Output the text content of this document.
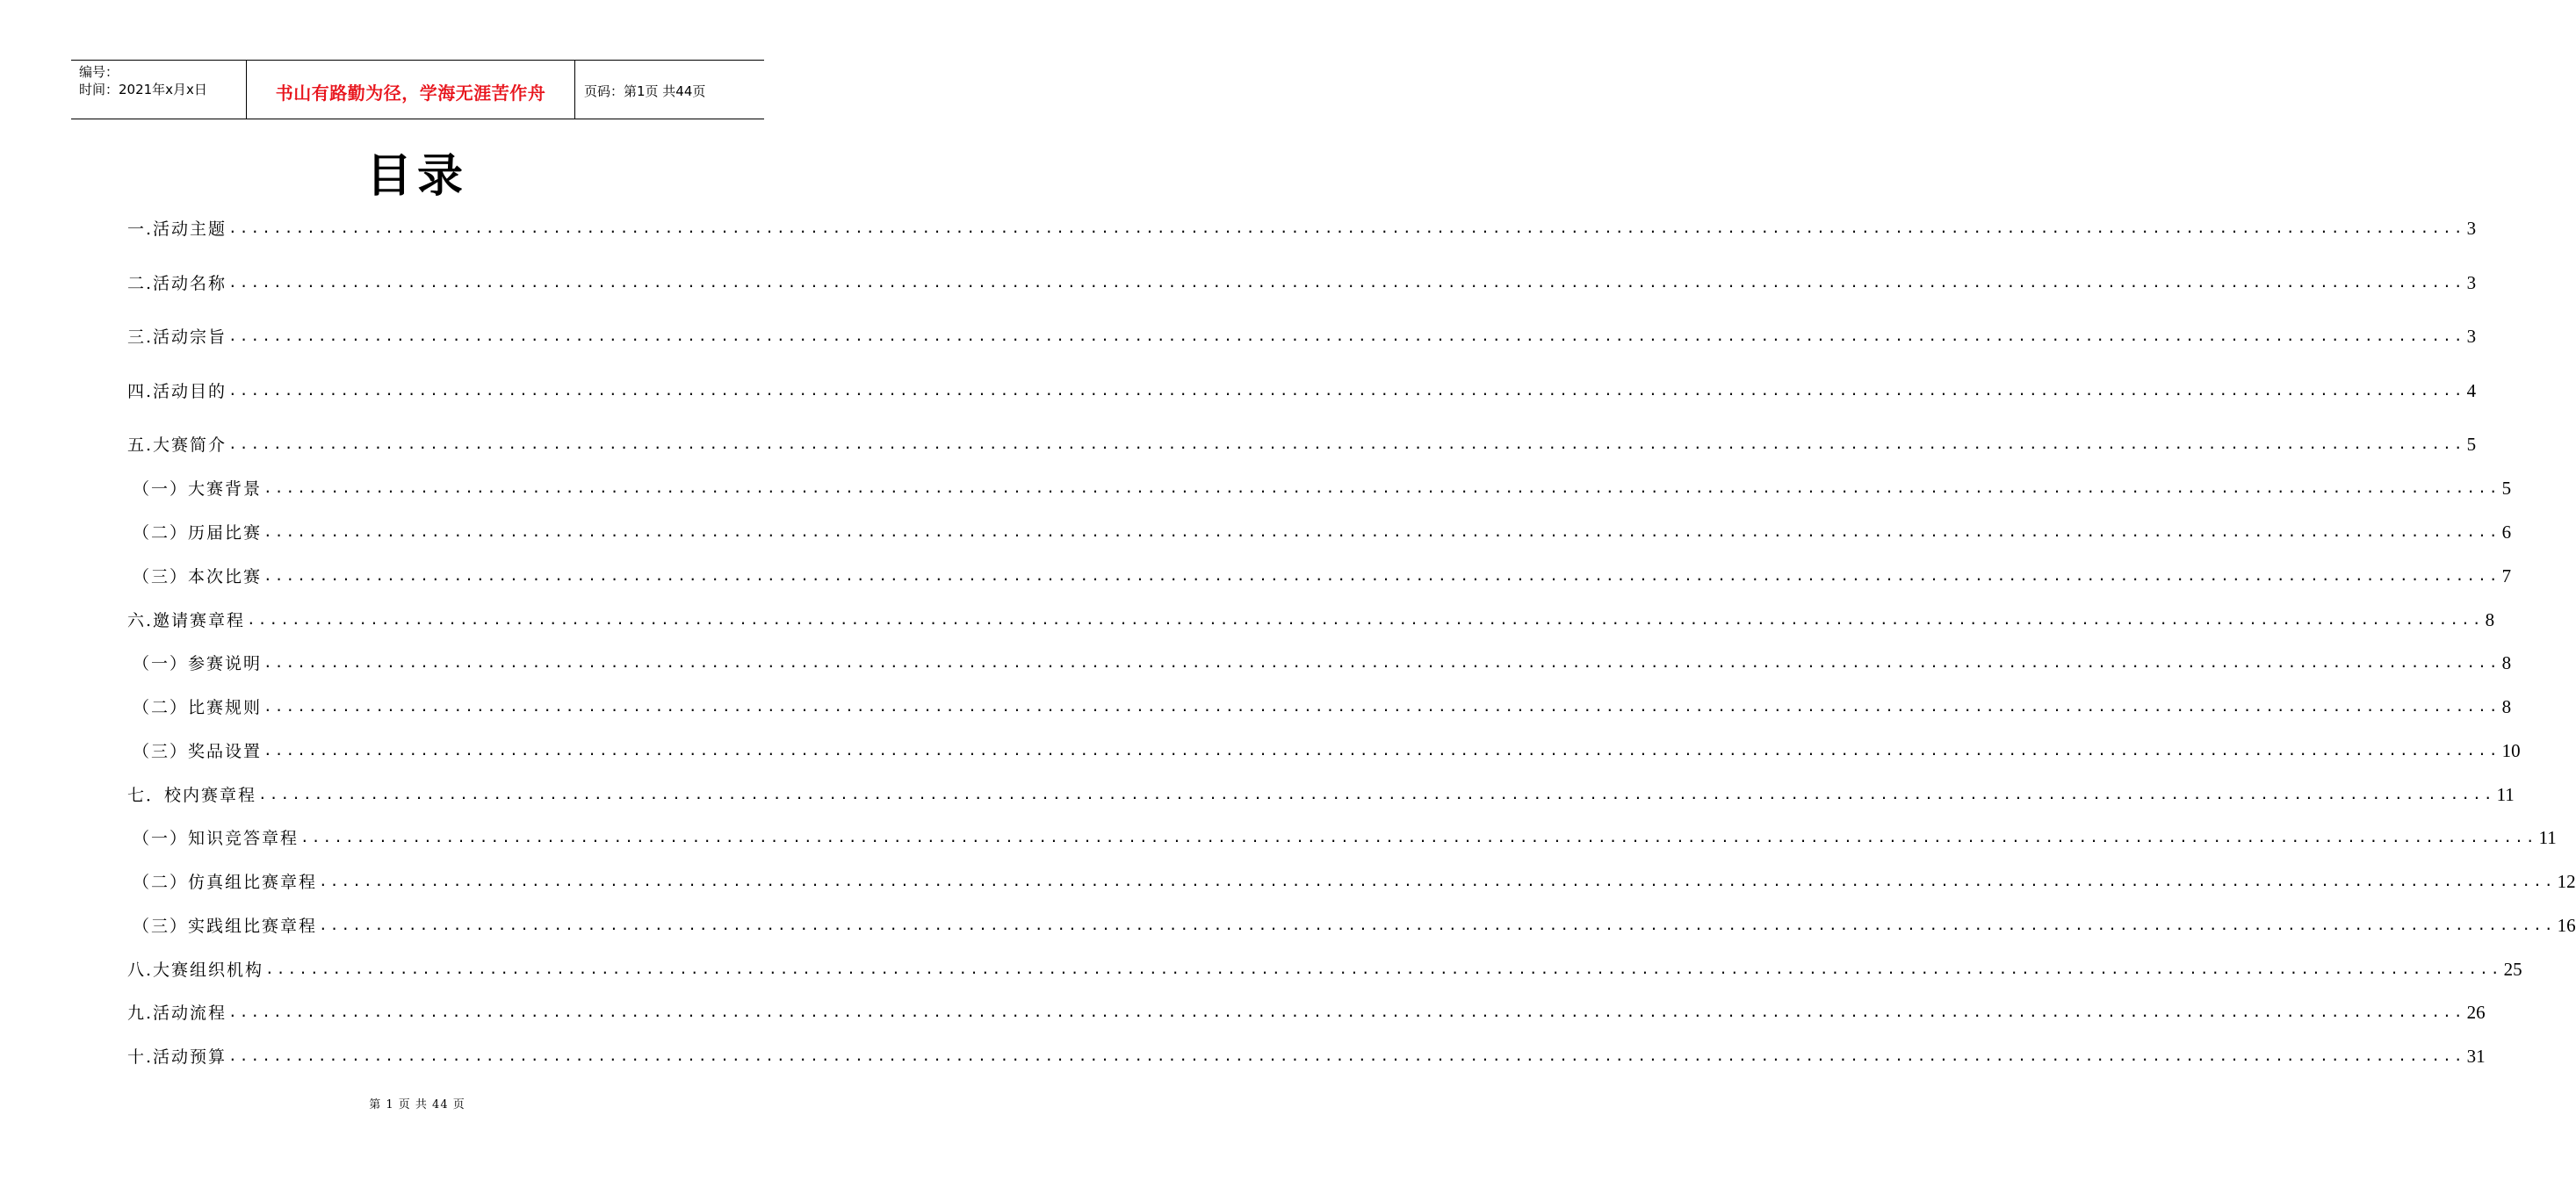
编号：
时间：2021年x月x日	书山有路勤为径，学海无涯苦作舟	页码：第1页 共44页
目录
一.活动主题 ........................................................................................................................................................................................................ 3
二.活动名称 ........................................................................................................................................................................................................ 3
三.活动宗旨 ........................................................................................................................................................................................................ 3
四.活动目的 ........................................................................................................................................................................................................ 4
五.大赛简介 ........................................................................................................................................................................................................ 5
（一）大赛背景 ........................................................................................................................................................................................................ 5
（二）历届比赛 ........................................................................................................................................................................................................ 6
（三）本次比赛 ........................................................................................................................................................................................................ 7
六.邀请赛章程 ........................................................................................................................................................................................................ 8
（一）参赛说明 ........................................................................................................................................................................................................ 8
（二）比赛规则 ........................................................................................................................................................................................................ 8
（三）奖品设置 ........................................................................................................................................................................................................ 10
七．校内赛章程 ........................................................................................................................................................................................................ 11
（一）知识竞答章程 ........................................................................................................................................................................................................ 11
（二）仿真组比赛章程 ........................................................................................................................................................................................................ 12
（三）实践组比赛章程 ........................................................................................................................................................................................................ 16
八.大赛组织机构 ........................................................................................................................................................................................................ 25
九.活动流程 ........................................................................................................................................................................................................ 26
十.活动预算 ........................................................................................................................................................................................................ 31
第 1 页 共 44 页
